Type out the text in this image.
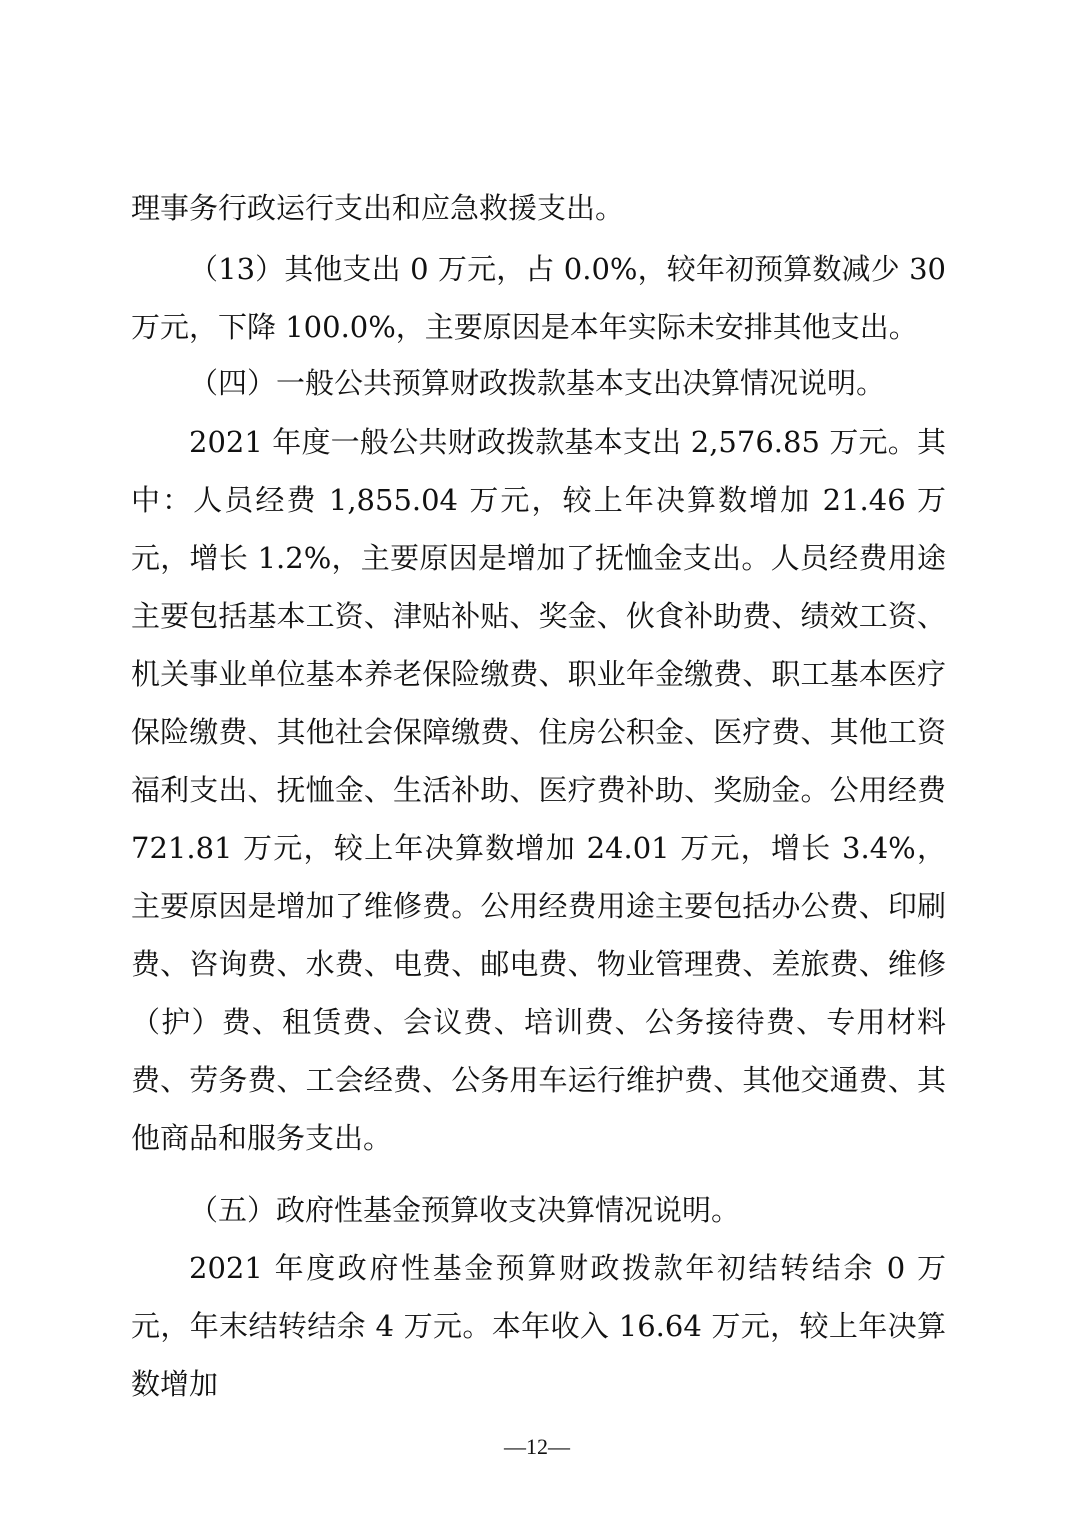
理事务行政运行支出和应急救援支出。

（13）其他支出 0 万元，占 0.0%，较年初预算数减少 30 万元，下降 100.0%，主要原因是本年实际未安排其他支出。

（四）一般公共预算财政拨款基本支出决算情况说明。

2021 年度一般公共财政拨款基本支出 2,576.85 万元。其中：人员经费 1,855.04 万元，较上年决算数增加 21.46 万元，增长 1.2%，主要原因是增加了抚恤金支出。人员经费用途主要包括基本工资、津贴补贴、奖金、伙食补助费、绩效工资、机关事业单位基本养老保险缴费、职业年金缴费、职工基本医疗保险缴费、其他社会保障缴费、住房公积金、医疗费、其他工资福利支出、抚恤金、生活补助、医疗费补助、奖励金。公用经费 721.81 万元，较上年决算数增加 24.01 万元，增长 3.4%，主要原因是增加了维修费。公用经费用途主要包括办公费、印刷费、咨询费、水费、电费、邮电费、物业管理费、差旅费、维修（护）费、租赁费、会议费、培训费、公务接待费、专用材料费、劳务费、工会经费、公务用车运行维护费、其他交通费、其他商品和服务支出。

（五）政府性基金预算收支决算情况说明。

2021 年度政府性基金预算财政拨款年初结转结余 0 万元，年末结转结余 4 万元。本年收入 16.64 万元，较上年决算数增加

—12—
